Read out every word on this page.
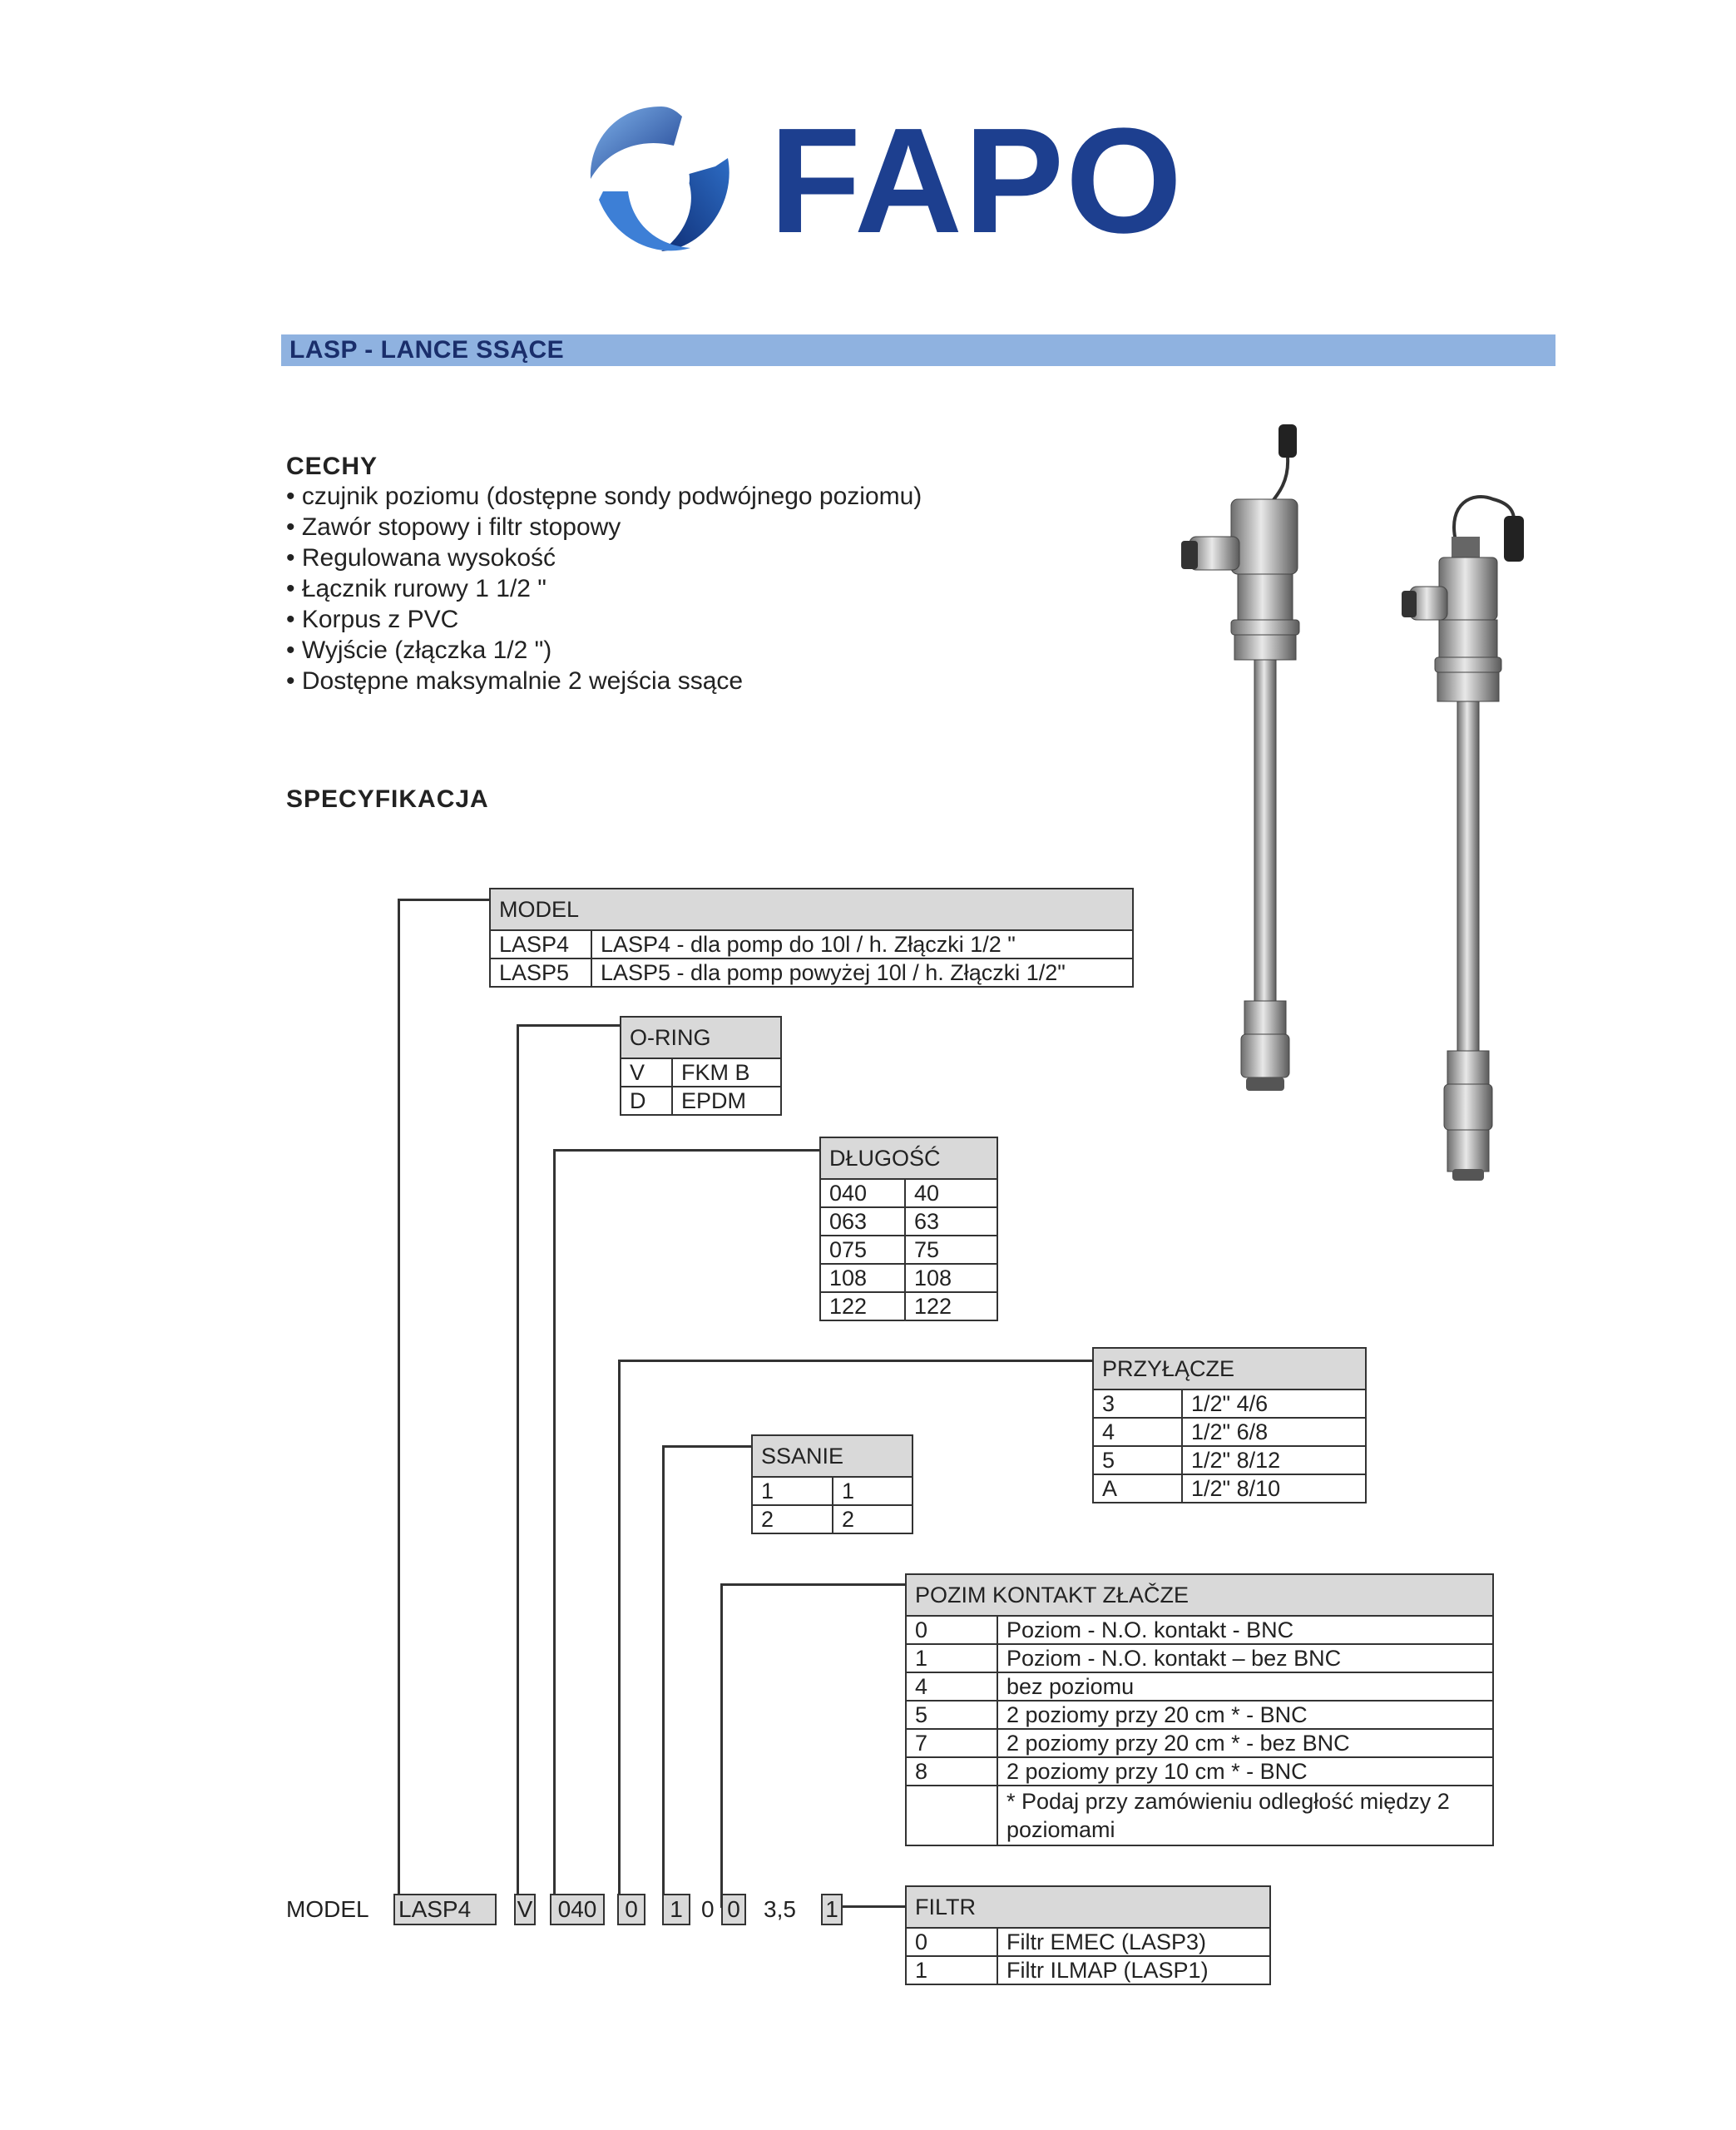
FAPO
LASP - LANCE SSĄCE
CECHY
• czujnik poziomu (dostępne sondy podwójnego poziomu)
• Zawór stopowy i filtr stopowy
• Regulowana wysokość
• Łącznik rurowy 1 1/2 "
• Korpus z PVC
• Wyjście (złączka 1/2 ")
• Dostępne maksymalnie 2 wejścia ssące
SPECYFIKACJA
MODEL	
LASP4	LASP4 - dla pomp do 10l / h. Złączki 1/2 "
LASP5	LASP5 - dla pomp powyżej 10l / h. Złączki 1/2"
O-RING	
V	FKM B
D	EPDM
DŁUGOŚĆ	
040	40
063	63
075	75
108	108
122	122
PRZYŁĄCZE	
3	1/2" 4/6
4	1/2" 6/8
5	1/2" 8/12
A	1/2" 8/10
SSANIE	
1	1
2	2
POZIM KONTAKT ZŁAČZE	
0	Poziom - N.O. kontakt - BNC
1	Poziom - N.O. kontakt – bez BNC
4	bez poziomu
5	2 poziomy przy 20 cm * - BNC
7	2 poziomy przy 20 cm * - bez BNC
8	2 poziomy przy 10 cm * - BNC
	* Podaj przy zamówieniu odległość między 2 poziomami
FILTR	
0	Filtr EMEC (LASP3)
1	Filtr ILMAP (LASP1)
MODEL LASP4	V	040	0	1 0 0 3,5 1
